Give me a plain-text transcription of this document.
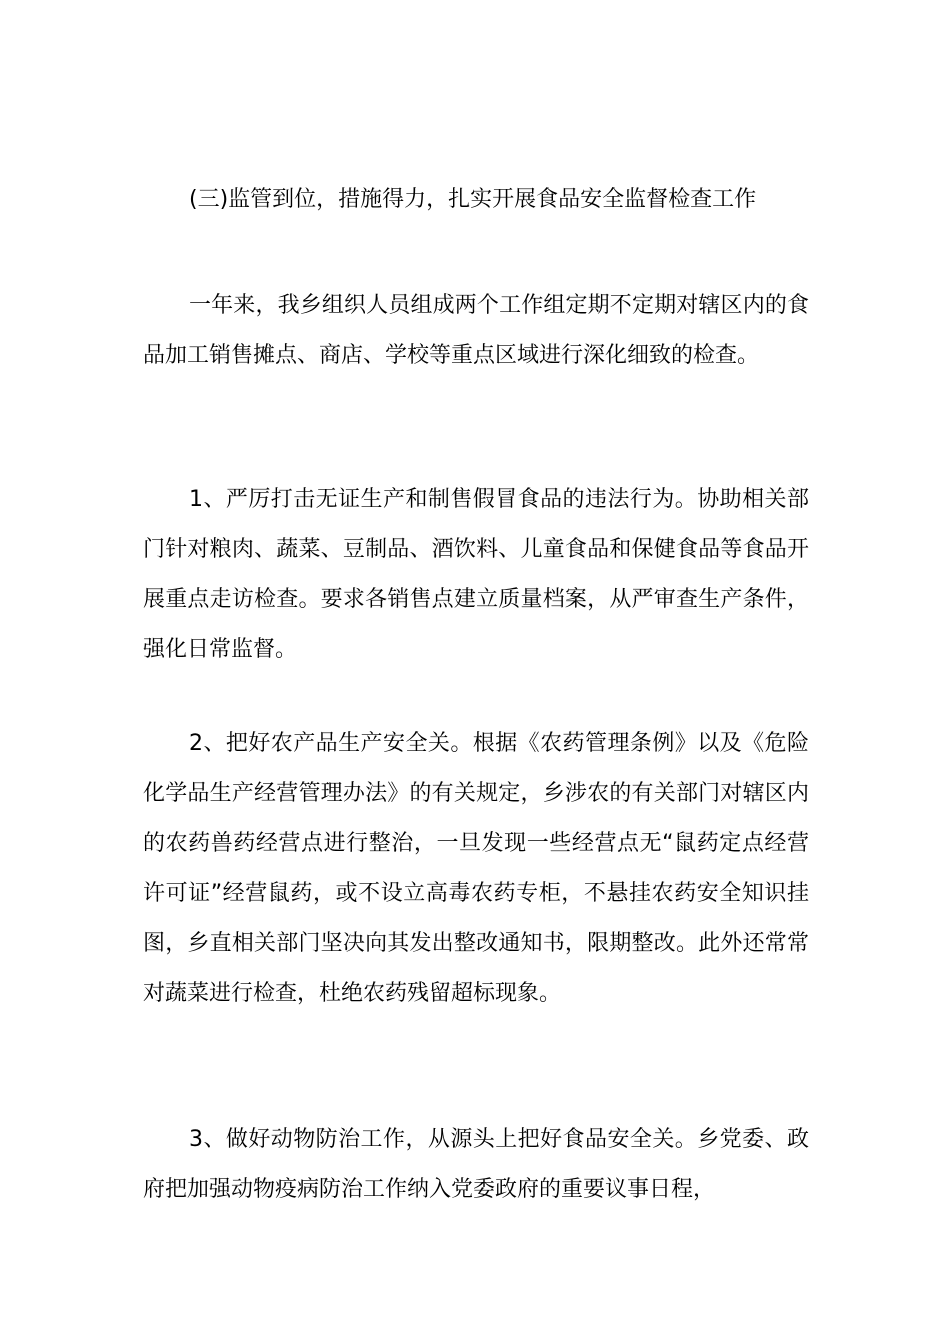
(三)监管到位，措施得力，扎实开展食品安全监督检查工作
一年来，我乡组织人员组成两个工作组定期不定期对辖区内的食品加工销售摊点、商店、学校等重点区域进行深化细致的检查。
1、严厉打击无证生产和制售假冒食品的违法行为。协助相关部门针对粮肉、蔬菜、豆制品、酒饮料、儿童食品和保健食品等食品开展重点走访检查。要求各销售点建立质量档案，从严审查生产条件，强化日常监督。
2、把好农产品生产安全关。根据《农药管理条例》以及《危险化学品生产经营管理办法》的有关规定，乡涉农的有关部门对辖区内的农药兽药经营点进行整治，一旦发现一些经营点无“鼠药定点经营许可证”经营鼠药，或不设立高毒农药专柜，不悬挂农药安全知识挂图，乡直相关部门坚决向其发出整改通知书，限期整改。此外还常常对蔬菜进行检查，杜绝农药残留超标现象。
3、做好动物防治工作，从源头上把好食品安全关。乡党委、政府把加强动物疫病防治工作纳入党委政府的重要议事日程，
